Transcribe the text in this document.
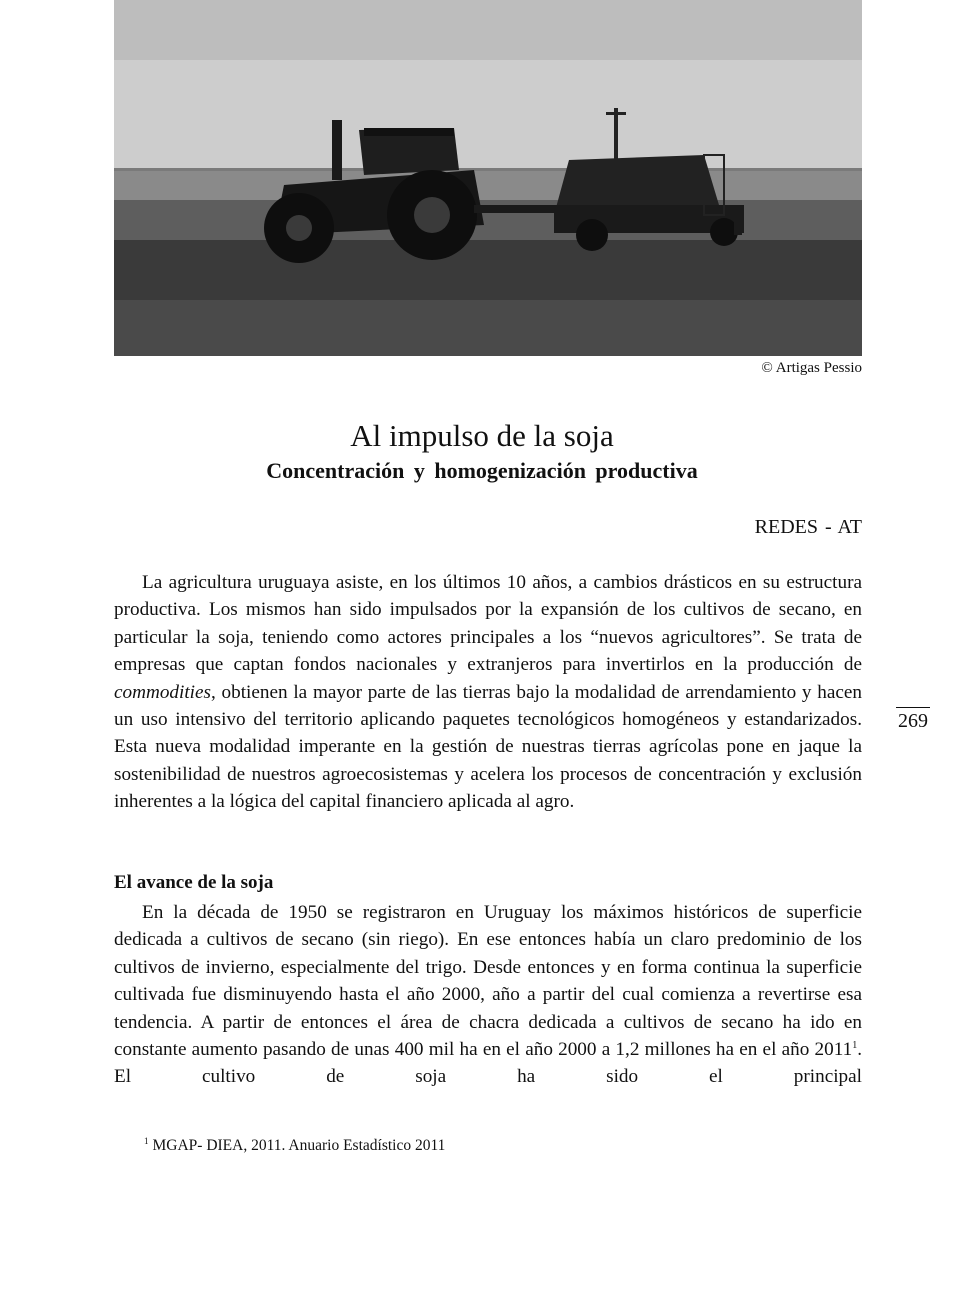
© Artigas Pessio
Al impulso de la soja
Concentración y homogenización productiva
REDES - AT

La agricultura uruguaya asiste, en los últimos 10 años, a cambios drásticos en su estructura productiva. Los mismos han sido impulsados por la expansión de los cultivos de secano, en particular la soja, teniendo como actores principales a los “nuevos agricultores”. Se trata de empresas que captan fondos nacionales y extranjeros para invertirlos en la producción de commodities, obtienen la mayor parte de las tierras bajo la modalidad de arrendamiento y hacen un uso intensivo del territorio aplicando paquetes tecnológicos homogéneos y estandarizados. Esta nueva modalidad imperante en la gestión de nuestras tierras agrícolas pone en jaque la sostenibilidad de nuestros agroecosistemas y acelera los procesos de concentración y exclusión inherentes a la lógica del capital financiero aplicada al agro.

El avance de la soja

En la década de 1950 se registraron en Uruguay los máximos históricos de superficie dedicada a cultivos de secano (sin riego). En ese entonces había un claro predominio de los cultivos de invierno, especialmente del trigo. Desde entonces y en forma continua la superficie cultivada fue disminuyendo hasta el año 2000, año a partir del cual comienza a revertirse esa tendencia. A partir de entonces el área de chacra dedicada a cultivos de secano ha ido en constante aumento pasando de unas 400 mil ha en el año 2000 a 1,2 millones ha en el año 2011$^1$. El cultivo de soja ha sido el principal

269
$^1$ MGAP- DIEA, 2011. Anuario Estadístico 2011
